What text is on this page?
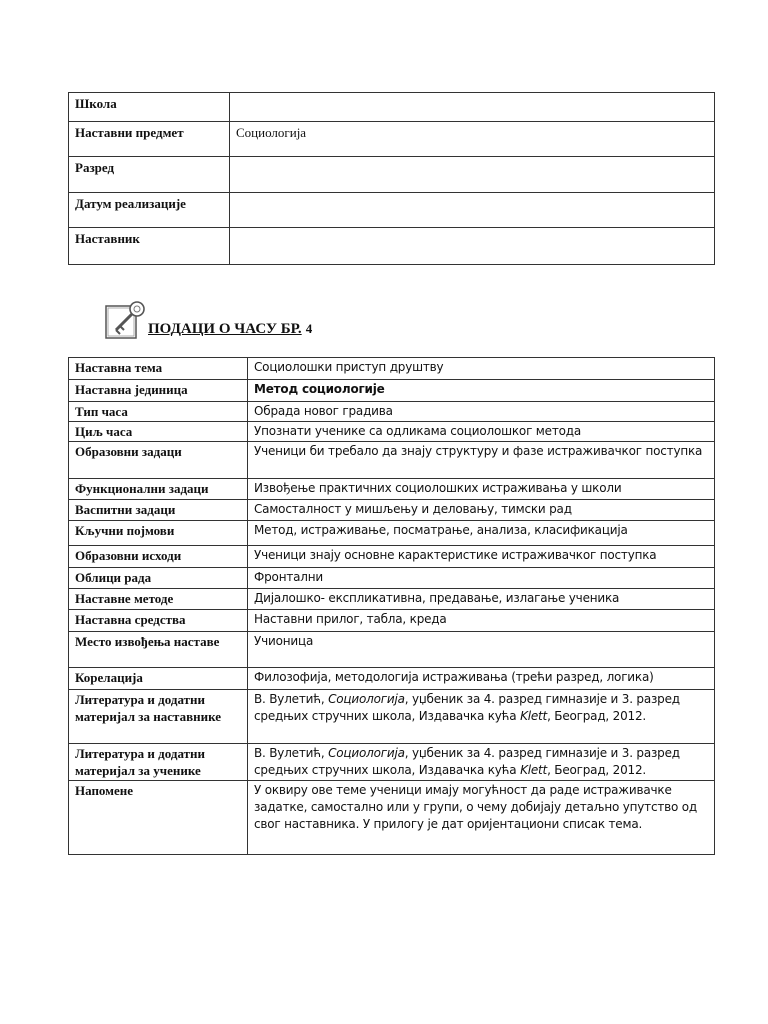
Школа	
Наставни предмет	Социологија
Разред	
Датум реализације	
Наставник	
ПОДАЦИ О ЧАСУ БР. 4
Наставна тема	Социолошки приступ друштву
Наставна јединица	Метод социологије
Тип часа	Обрада новог градива
Циљ часа	Упознати ученике са одликама социолошког метода
Образовни задаци	Ученици би требало да знају структуру и фазе истраживачког поступка
Функционални задаци	Извођење практичних социолошких истраживања у школи
Васпитни задаци	Самосталност у мишљењу и деловању, тимски рад
Кључни појмови	Метод, истраживање, посматрање, анализа, класификација
Образовни исходи	Ученици знају основне карактеристике истраживачког поступка
Облици рада	Фронтални
Наставне методе	Дијалошко- експликативна, предавање, излагање ученика
Наставна средства	Наставни прилог, табла, креда
Место извођења наставе	Учионица
Корелација	Филозофија, методологија истраживања (трећи разред, логика)
Литература и додатни материјал за наставнике	В. Вулетић, Социологија, уџбеник за 4. разред гимназије и 3. разред средњих стручних школа, Издавачка кућа Klett, Београд, 2012.
Литература и додатни материјал за ученике	В. Вулетић, Социологија, уџбеник за 4. разред гимназије и 3. разред средњих стручних школа, Издавачка кућа Klett, Београд, 2012.
Напомене	У оквиру ове теме ученици имају могућност да раде истраживачке задатке, самостално или у групи, о чему добијају детаљно упутство од свог наставника. У прилогу је дат оријентациони списак тема.
